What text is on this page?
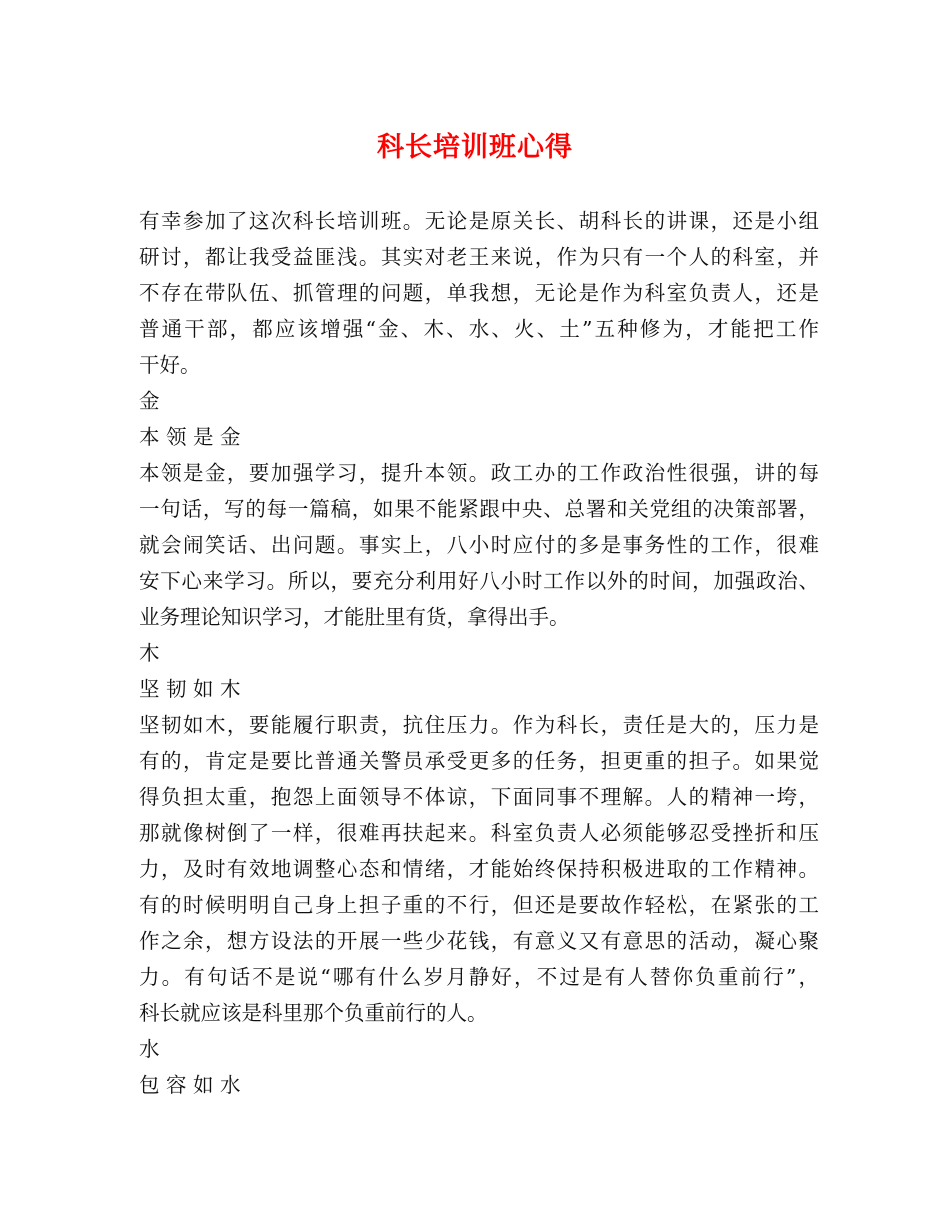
科长培训班心得
有幸参加了这次科长培训班。无论是原关长、胡科长的讲课，还是小组
研讨，都让我受益匪浅。其实对老王来说，作为只有一个人的科室，并
不存在带队伍、抓管理的问题，单我想，无论是作为科室负责人，还是
普通干部，都应该增强“金、木、水、火、土”五种修为，才能把工作
干好。
金
本 领 是 金
本领是金，要加强学习，提升本领。政工办的工作政治性很强，讲的每
一句话，写的每一篇稿，如果不能紧跟中央、总署和关党组的决策部署，
就会闹笑话、出问题。事实上，八小时应付的多是事务性的工作，很难
安下心来学习。所以，要充分利用好八小时工作以外的时间，加强政治、
业务理论知识学习，才能肚里有货，拿得出手。
木
坚 韧 如 木
坚韧如木，要能履行职责，抗住压力。作为科长，责任是大的，压力是
有的，肯定是要比普通关警员承受更多的任务，担更重的担子。如果觉
得负担太重，抱怨上面领导不体谅，下面同事不理解。人的精神一垮，
那就像树倒了一样，很难再扶起来。科室负责人必须能够忍受挫折和压
力，及时有效地调整心态和情绪，才能始终保持积极进取的工作精神。
有的时候明明自己身上担子重的不行，但还是要故作轻松，在紧张的工
作之余，想方设法的开展一些少花钱，有意义又有意思的活动，凝心聚
力。有句话不是说“哪有什么岁月静好，不过是有人替你负重前行”，
科长就应该是科里那个负重前行的人。
水
包 容 如 水
